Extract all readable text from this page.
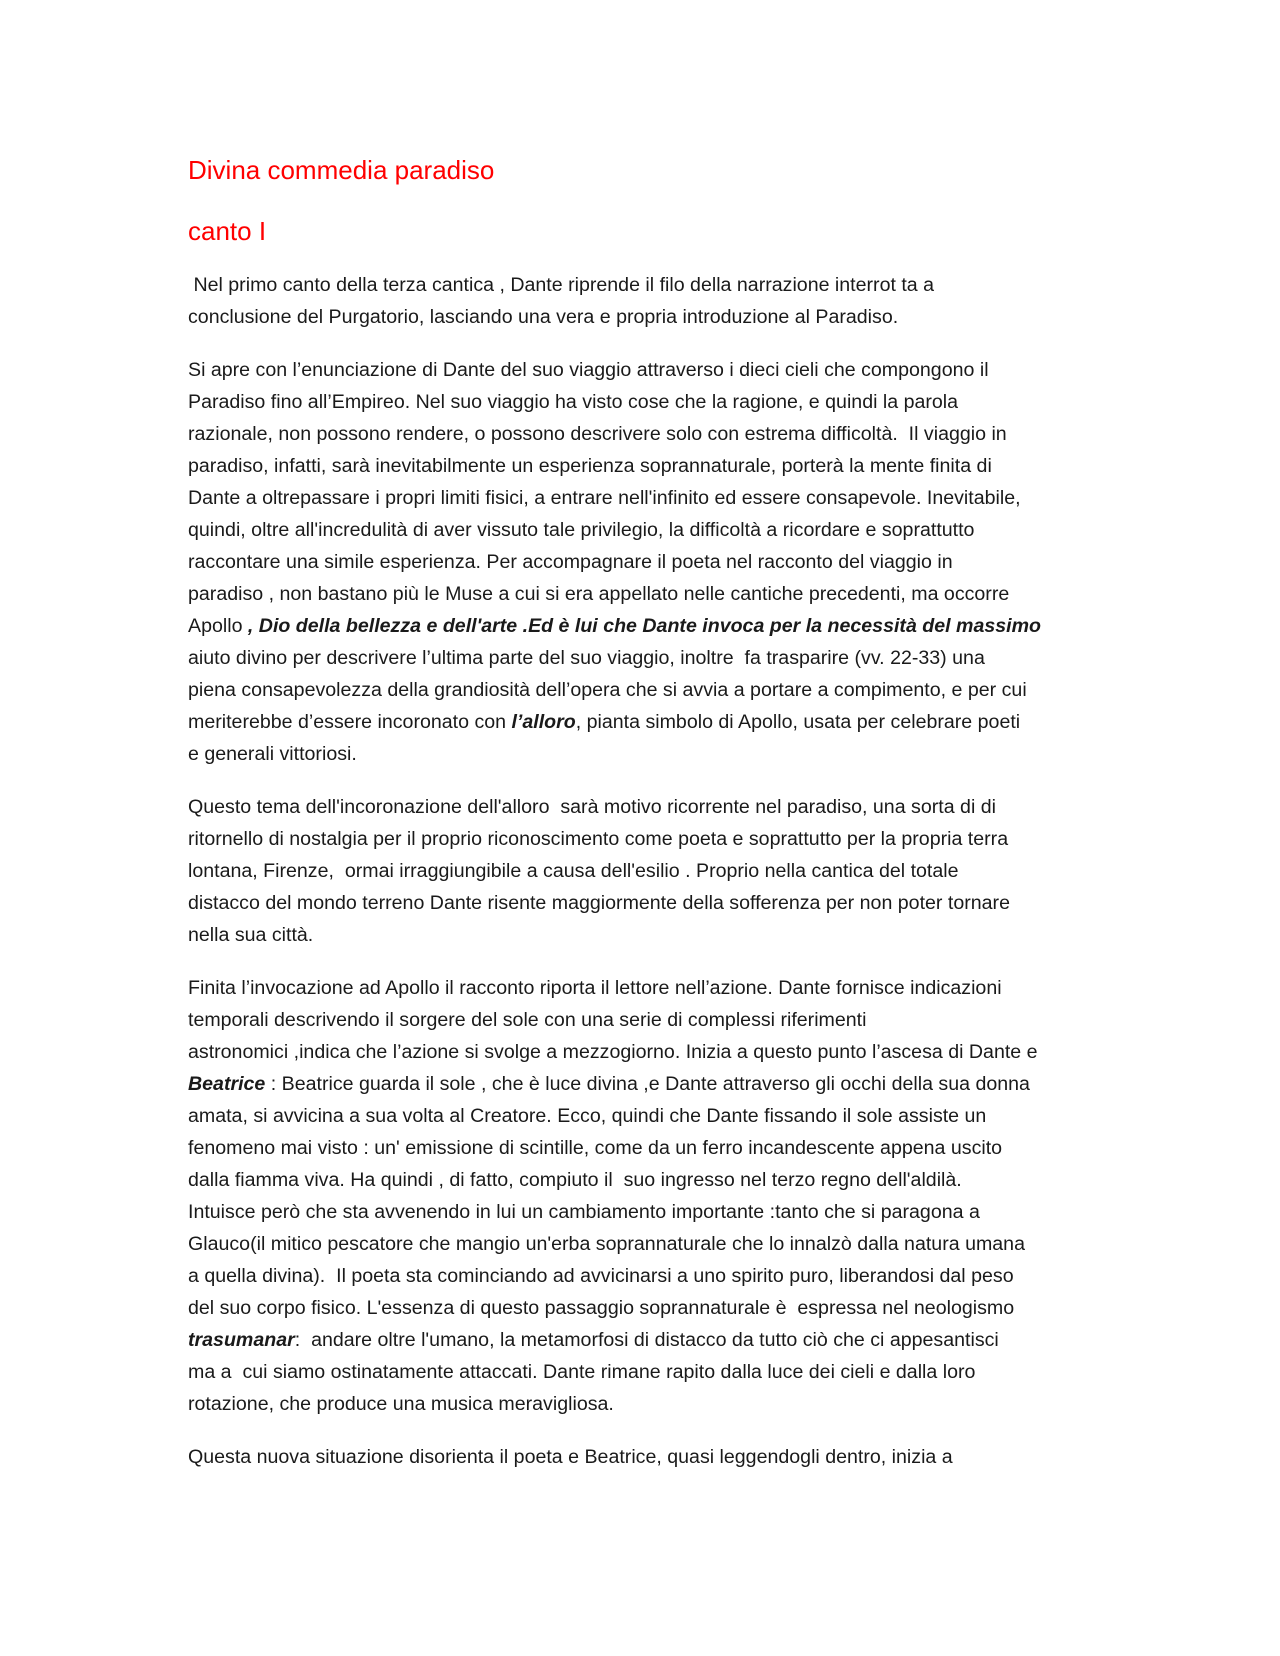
Divina commedia paradiso
canto I

Nel primo canto della terza cantica , Dante riprende il filo della narrazione interrot ta a
conclusione del Purgatorio, lasciando una vera e propria introduzione al Paradiso.

Si apre con l’enunciazione di Dante del suo viaggio attraverso i dieci cieli che compongono il
Paradiso fino all’Empireo. Nel suo viaggio ha visto cose che la ragione, e quindi la parola
razionale, non possono rendere, o possono descrivere solo con estrema difficoltà.  Il viaggio in
paradiso, infatti, sarà inevitabilmente un esperienza soprannaturale, porterà la mente finita di
Dante a oltrepassare i propri limiti fisici, a entrare nell'infinito ed essere consapevole. Inevitabile,
quindi, oltre all'incredulità di aver vissuto tale privilegio, la difficoltà a ricordare e soprattutto
raccontare una simile esperienza. Per accompagnare il poeta nel racconto del viaggio in
paradiso , non bastano più le Muse a cui si era appellato nelle cantiche precedenti, ma occorre
Apollo , Dio della bellezza e dell'arte .Ed è lui che Dante invoca per la necessità del massimo
aiuto divino per descrivere l’ultima parte del suo viaggio, inoltre  fa trasparire (vv. 22-33) una
piena consapevolezza della grandiosità dell’opera che si avvia a portare a compimento, e per cui
meriterebbe d’essere incoronato con l’alloro, pianta simbolo di Apollo, usata per celebrare poeti
e generali vittoriosi.

Questo tema dell'incoronazione dell'alloro  sarà motivo ricorrente nel paradiso, una sorta di di
ritornello di nostalgia per il proprio riconoscimento come poeta e soprattutto per la propria terra
lontana, Firenze,  ormai irraggiungibile a causa dell'esilio . Proprio nella cantica del totale
distacco del mondo terreno Dante risente maggiormente della sofferenza per non poter tornare
nella sua città.

Finita l’invocazione ad Apollo il racconto riporta il lettore nell’azione. Dante fornisce indicazioni
temporali descrivendo il sorgere del sole con una serie di complessi riferimenti
astronomici ,indica che l’azione si svolge a mezzogiorno. Inizia a questo punto l’ascesa di Dante e
Beatrice : Beatrice guarda il sole , che è luce divina ,e Dante attraverso gli occhi della sua donna
amata, si avvicina a sua volta al Creatore. Ecco, quindi che Dante fissando il sole assiste un
fenomeno mai visto : un' emissione di scintille, come da un ferro incandescente appena uscito
dalla fiamma viva. Ha quindi , di fatto, compiuto il  suo ingresso nel terzo regno dell'aldilà.
Intuisce però che sta avvenendo in lui un cambiamento importante :tanto che si paragona a
Glauco(il mitico pescatore che mangio un'erba soprannaturale che lo innalzò dalla natura umana
a quella divina).  Il poeta sta cominciando ad avvicinarsi a uno spirito puro, liberandosi dal peso
del suo corpo fisico. L'essenza di questo passaggio soprannaturale è  espressa nel neologismo
trasumanar:  andare oltre l'umano, la metamorfosi di distacco da tutto ciò che ci appesantisci
ma a  cui siamo ostinatamente attaccati. Dante rimane rapito dalla luce dei cieli e dalla loro
rotazione, che produce una musica meravigliosa.

Questa nuova situazione disorienta il poeta e Beatrice, quasi leggendogli dentro, inizia a
